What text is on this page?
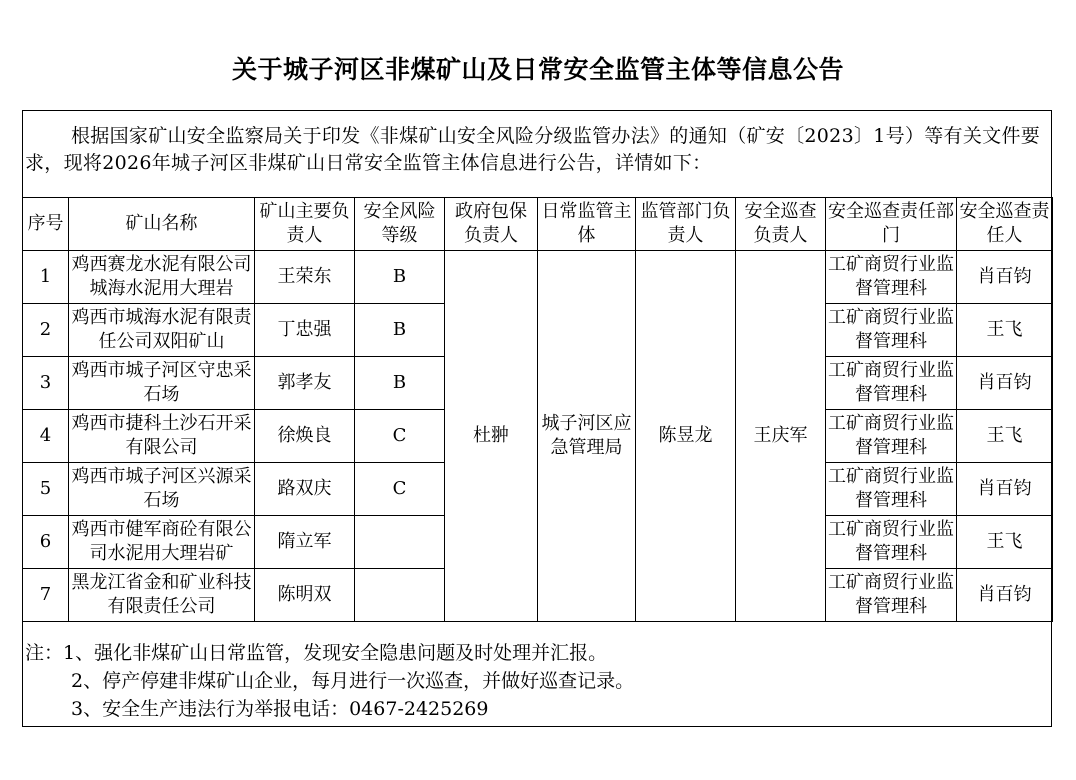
关于城子河区非煤矿山及日常安全监管主体等信息公告
根据国家矿山安全监察局关于印发《非煤矿山安全风险分级监管办法》的通知（矿安〔2023〕1号）等有关文件要求，现将2026年城子河区非煤矿山日常安全监管主体信息进行公告，详情如下：
序号	矿山名称	矿山主要负责人	安全风险等级	政府包保负责人	日常监管主体	监管部门负责人	安全巡查负责人	安全巡查责任部门	安全巡查责任人
1	鸡西赛龙水泥有限公司城海水泥用大理岩	王荣东	B	杜翀	城子河区应急管理局	陈昱龙	王庆军	工矿商贸行业监督管理科	肖百钧
2	鸡西市城海水泥有限责任公司双阳矿山	丁忠强	B					工矿商贸行业监督管理科	王飞
3	鸡西市城子河区守忠采石场	郭孝友	B					工矿商贸行业监督管理科	肖百钧
4	鸡西市捷科土沙石开采有限公司	徐焕良	C					工矿商贸行业监督管理科	王飞
5	鸡西市城子河区兴源采石场	路双庆	C					工矿商贸行业监督管理科	肖百钧
6	鸡西市健军商砼有限公司水泥用大理岩矿	隋立军						工矿商贸行业监督管理科	王飞
7	黑龙江省金和矿业科技有限责任公司	陈明双						工矿商贸行业监督管理科	肖百钧
注：1、强化非煤矿山日常监管，发现安全隐患问题及时处理并汇报。
2、停产停建非煤矿山企业，每月进行一次巡查，并做好巡查记录。
3、安全生产违法行为举报电话：0467-2425269
